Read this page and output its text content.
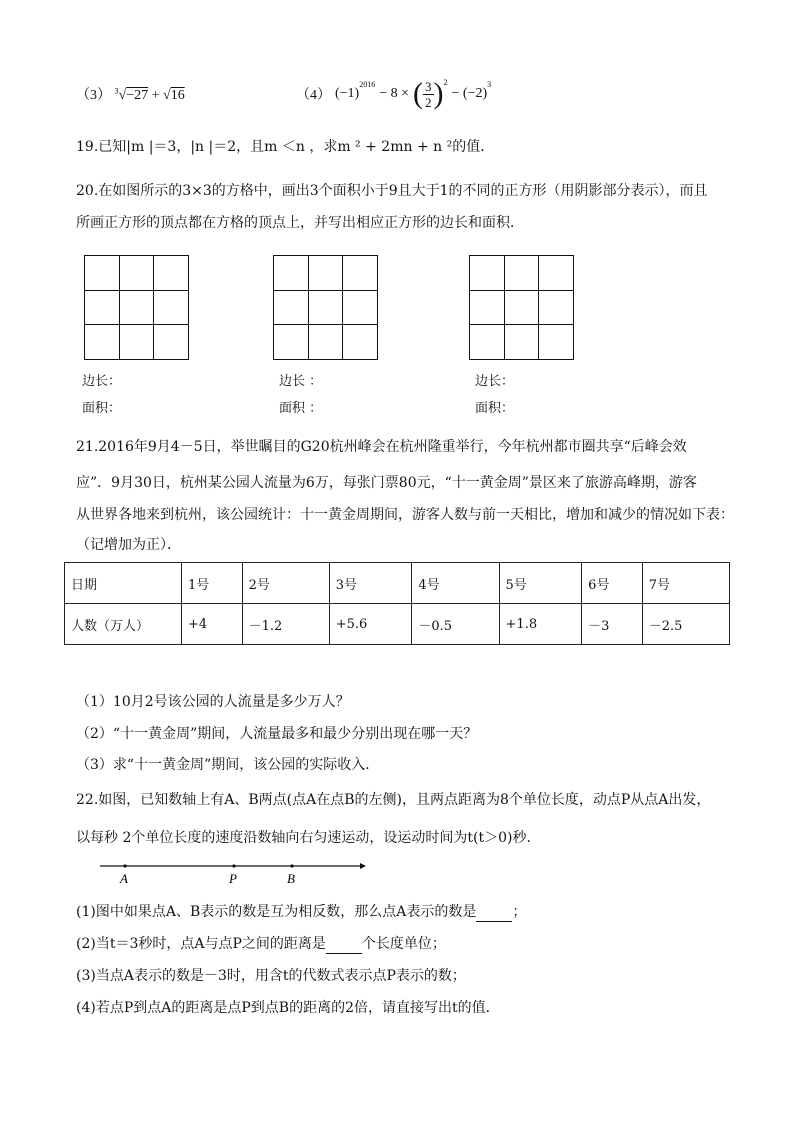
（3） $^3$√−27 + √16	（4） (−1)
$^{2016}$
− 8 × ( $\frac{3}{2} )^2$
− (−2)
$^3$
19.已知|m |＝3，|n |＝2，且m ＜n ，求m ² + 2mn + n ²的值．
20.在如图所示的3×3的方格中，画出3个面积小于9且大于1的不同的正方形（用阴影部分表示），而且
所画正方形的顶点都在方格的顶点上，并写出相应正方形的边长和面积．

边长：
面积：
边长 ：
面积 ：
边长：
面积：
21.2016年9月4－5日，举世瞩目的G20杭州峰会在杭州隆重举行，今年杭州都市圈共享“后峰会效
应”．9月30日，杭州某公园人流量为6万，每张门票80元，“十一黄金周”景区来了旅游高峰期，游客
从世界各地来到杭州，该公园统计：十一黄金周期间，游客人数与前一天相比，增加和减少的情况如下表：
（记增加为正）．
日期	1号	2号	3号	4号	5号	6号	7号
人数（万人）	+4	－1.2	+5.6	－0.5	+1.8	－3	－2.5
（1）10月2号该公园的人流量是多少万人？
（2）“十一黄金周”期间，人流量最多和最少分别出现在哪一天？
（3）求“十一黄金周”期间，该公园的实际收入．
22.如图，已知数轴上有A、B两点(点A在点B的左侧)，且两点距离为8个单位长度，动点P从点A出发，
以每秒 2个单位长度的速度沿数轴向右匀速运动，设运动时间为t(t＞0)秒．
A	P	B
(1)图中如果点A、B表示的数是互为相反数，那么点A表示的数是	；
(2)当t＝3秒时，点A与点P之间的距离是	个长度单位；
(3)当点A表示的数是－3时，用含t的代数式表示点P表示的数；
(4)若点P到点A的距离是点P到点B的距离的2倍，请直接写出t的值．
